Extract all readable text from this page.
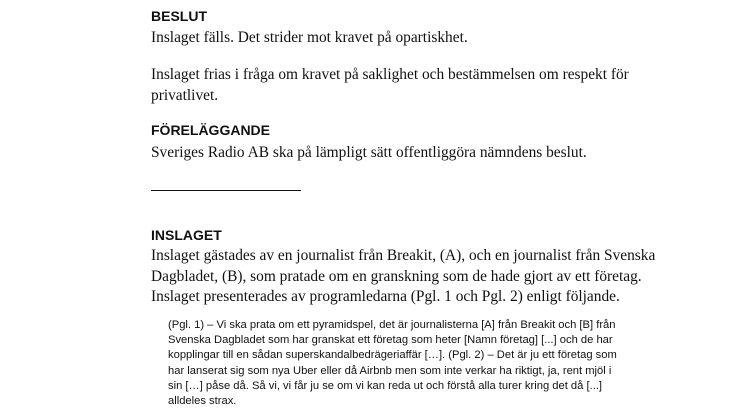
BESLUT

Inslaget fälls. Det strider mot kravet på opartiskhet.

Inslaget frias i fråga om kravet på saklighet och bestämmelsen om respekt för
privatlivet.

FÖRELÄGGANDE

Sveriges Radio AB ska på lämpligt sätt offentliggöra nämndens beslut.

INSLAGET

Inslaget gästades av en journalist från Breakit, (A), och en journalist från Svenska
Dagbladet, (B), som pratade om en granskning som de hade gjort av ett företag.
Inslaget presenterades av programledarna (Pgl. 1 och Pgl. 2) enligt följande.

(Pgl. 1) – Vi ska prata om ett pyramidspel, det är journalisterna [A] från Breakit och [B] från
Svenska Dagbladet som har granskat ett företag som heter [Namn företag] [...] och de har
kopplingar till en sådan superskandalbedrägeriaffär […]. (Pgl. 2) – Det är ju ett företag som
har lanserat sig som nya Uber eller då Airbnb men som inte verkar ha riktigt, ja, rent mjöl i
sin […] påse då. Så vi, vi får ju se om vi kan reda ut och förstå alla turer kring det då [...]
alldeles strax.
